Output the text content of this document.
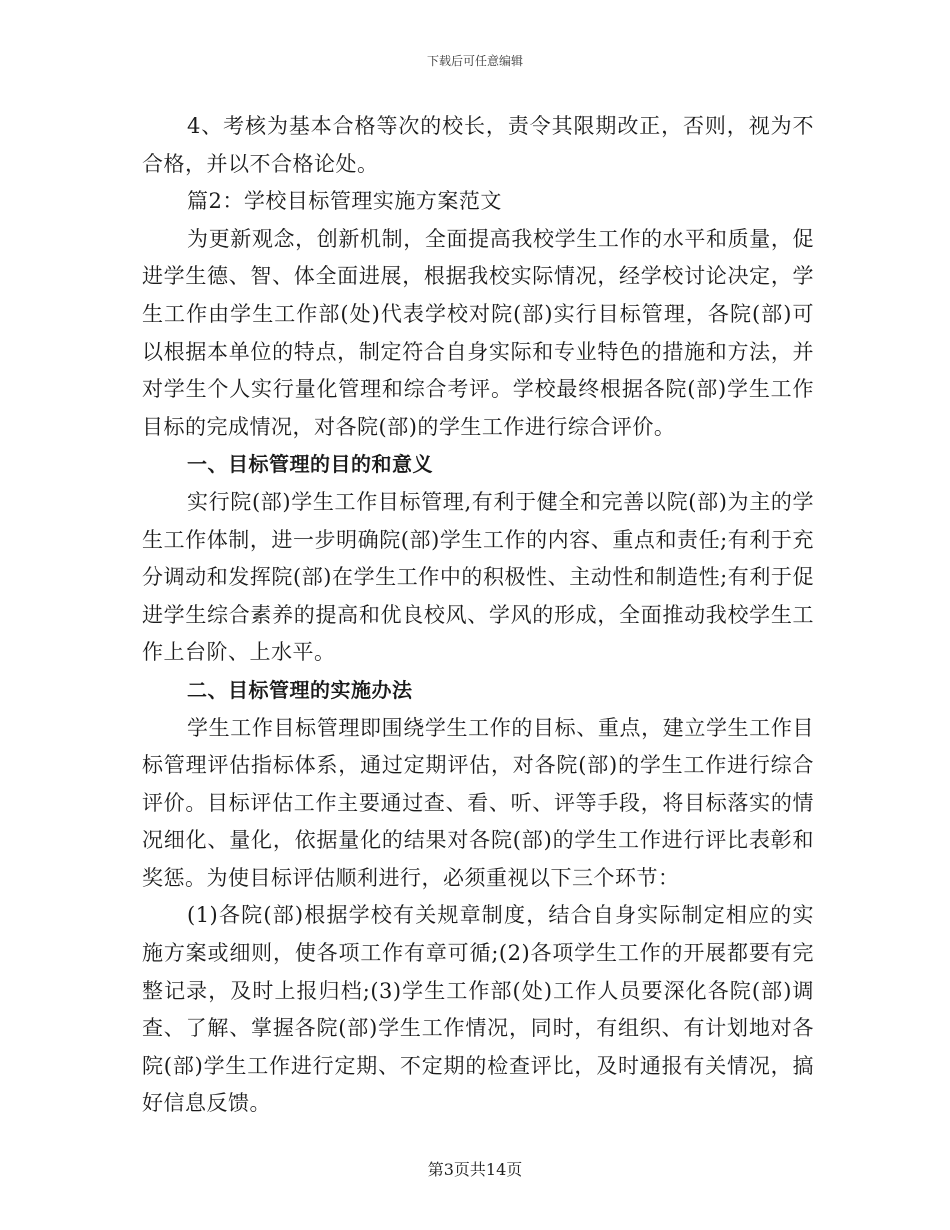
下载后可任意编辑

4、考核为基本合格等次的校长，责令其限期改正，否则，视为不合格，并以不合格论处。

篇2：学校目标管理实施方案范文

为更新观念，创新机制，全面提高我校学生工作的水平和质量，促进学生德、智、体全面进展，根据我校实际情况，经学校讨论决定，学生工作由学生工作部(处)代表学校对院(部)实行目标管理，各院(部)可以根据本单位的特点，制定符合自身实际和专业特色的措施和方法，并对学生个人实行量化管理和综合考评。学校最终根据各院(部)学生工作目标的完成情况，对各院(部)的学生工作进行综合评价。

一、目标管理的目的和意义

实行院(部)学生工作目标管理,有利于健全和完善以院(部)为主的学生工作体制，进一步明确院(部)学生工作的内容、重点和责任;有利于充分调动和发挥院(部)在学生工作中的积极性、主动性和制造性;有利于促进学生综合素养的提高和优良校风、学风的形成，全面推动我校学生工作上台阶、上水平。

二、目标管理的实施办法

学生工作目标管理即围绕学生工作的目标、重点，建立学生工作目标管理评估指标体系，通过定期评估，对各院(部)的学生工作进行综合评价。目标评估工作主要通过查、看、听、评等手段，将目标落实的情况细化、量化，依据量化的结果对各院(部)的学生工作进行评比表彰和奖惩。为使目标评估顺利进行，必须重视以下三个环节：

(1)各院(部)根据学校有关规章制度，结合自身实际制定相应的实施方案或细则，使各项工作有章可循;(2)各项学生工作的开展都要有完整记录，及时上报归档;(3)学生工作部(处)工作人员要深化各院(部)调查、了解、掌握各院(部)学生工作情况，同时，有组织、有计划地对各院(部)学生工作进行定期、不定期的检查评比，及时通报有关情况，搞好信息反馈。

第3页共14页
